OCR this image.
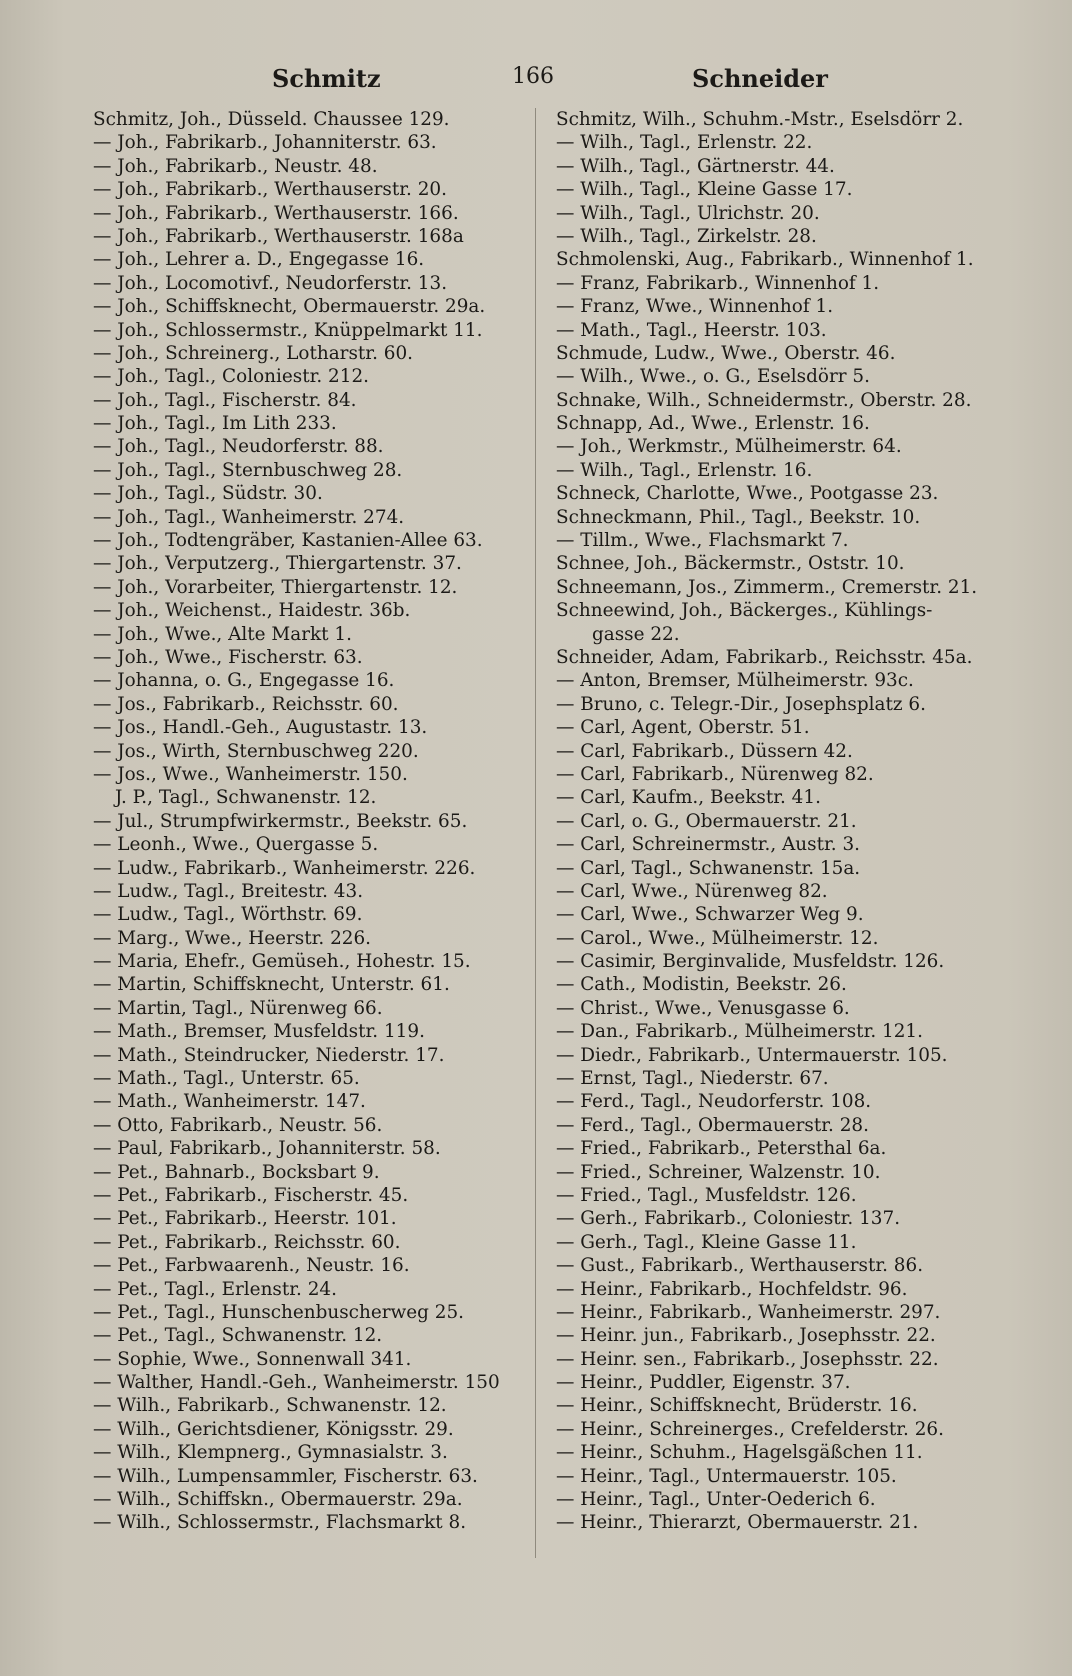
Schmitz	166	Schneider
Schmitz, Joh., Düsseld. Chaussee 129.
— Joh., Fabrikarb., Johanniterstr. 63.
— Joh., Fabrikarb., Neustr. 48.
— Joh., Fabrikarb., Werthauserstr. 20.
— Joh., Fabrikarb., Werthauserstr. 166.
— Joh., Fabrikarb., Werthauserstr. 168a
— Joh., Lehrer a. D., Engegasse 16.
— Joh., Locomotivf., Neudorferstr. 13.
— Joh., Schiffsknecht, Obermauerstr. 29a.
— Joh., Schlossermstr., Knüppelmarkt 11.
— Joh., Schreinerg., Lotharstr. 60.
— Joh., Tagl., Coloniestr. 212.
— Joh., Tagl., Fischerstr. 84.
— Joh., Tagl., Im Lith 233.
— Joh., Tagl., Neudorferstr. 88.
— Joh., Tagl., Sternbuschweg 28.
— Joh., Tagl., Südstr. 30.
— Joh., Tagl., Wanheimerstr. 274.
— Joh., Todtengräber, Kastanien-Allee 63.
— Joh., Verputzerg., Thiergartenstr. 37.
— Joh., Vorarbeiter, Thiergartenstr. 12.
— Joh., Weichenst., Haidestr. 36b.
— Joh., Wwe., Alte Markt 1.
— Joh., Wwe., Fischerstr. 63.
— Johanna, o. G., Engegasse 16.
— Jos., Fabrikarb., Reichsstr. 60.
— Jos., Handl.-Geh., Augustastr. 13.
— Jos., Wirth, Sternbuschweg 220.
— Jos., Wwe., Wanheimerstr. 150.
J. P., Tagl., Schwanenstr. 12.
— Jul., Strumpfwirkermstr., Beekstr. 65.
— Leonh., Wwe., Quergasse 5.
— Ludw., Fabrikarb., Wanheimerstr. 226.
— Ludw., Tagl., Breitestr. 43.
— Ludw., Tagl., Wörthstr. 69.
— Marg., Wwe., Heerstr. 226.
— Maria, Ehefr., Gemüseh., Hohestr. 15.
— Martin, Schiffsknecht, Unterstr. 61.
— Martin, Tagl., Nürenweg 66.
— Math., Bremser, Musfeldstr. 119.
— Math., Steindrucker, Niederstr. 17.
— Math., Tagl., Unterstr. 65.
— Math., Wanheimerstr. 147.
— Otto, Fabrikarb., Neustr. 56.
— Paul, Fabrikarb., Johanniterstr. 58.
— Pet., Bahnarb., Bocksbart 9.
— Pet., Fabrikarb., Fischerstr. 45.
— Pet., Fabrikarb., Heerstr. 101.
— Pet., Fabrikarb., Reichsstr. 60.
— Pet., Farbwaarenh., Neustr. 16.
— Pet., Tagl., Erlenstr. 24.
— Pet., Tagl., Hunschenbuscherweg 25.
— Pet., Tagl., Schwanenstr. 12.
— Sophie, Wwe., Sonnenwall 341.
— Walther, Handl.-Geh., Wanheimerstr. 150
— Wilh., Fabrikarb., Schwanenstr. 12.
— Wilh., Gerichtsdiener, Königsstr. 29.
— Wilh., Klempnerg., Gymnasialstr. 3.
— Wilh., Lumpensammler, Fischerstr. 63.
— Wilh., Schiffskn., Obermauerstr. 29a.
— Wilh., Schlossermstr., Flachsmarkt 8.
Schmitz, Wilh., Schuhm.-Mstr., Eselsdörr 2.
— Wilh., Tagl., Erlenstr. 22.
— Wilh., Tagl., Gärtnerstr. 44.
— Wilh., Tagl., Kleine Gasse 17.
— Wilh., Tagl., Ulrichstr. 20.
— Wilh., Tagl., Zirkelstr. 28.
Schmolenski, Aug., Fabrikarb., Winnenhof 1.
— Franz, Fabrikarb., Winnenhof 1.
— Franz, Wwe., Winnenhof 1.
— Math., Tagl., Heerstr. 103.
Schmude, Ludw., Wwe., Oberstr. 46.
— Wilh., Wwe., o. G., Eselsdörr 5.
Schnake, Wilh., Schneidermstr., Oberstr. 28.
Schnapp, Ad., Wwe., Erlenstr. 16.
— Joh., Werkmstr., Mülheimerstr. 64.
— Wilh., Tagl., Erlenstr. 16.
Schneck, Charlotte, Wwe., Pootgasse 23.
Schneckmann, Phil., Tagl., Beekstr. 10.
— Tillm., Wwe., Flachsmarkt 7.
Schnee, Joh., Bäckermstr., Oststr. 10.
Schneemann, Jos., Zimmerm., Cremerstr. 21.
Schneewind, Joh., Bäckerges., Kühlings-
gasse 22.
Schneider, Adam, Fabrikarb., Reichsstr. 45a.
— Anton, Bremser, Mülheimerstr. 93c.
— Bruno, c. Telegr.-Dir., Josephsplatz 6.
— Carl, Agent, Oberstr. 51.
— Carl, Fabrikarb., Düssern 42.
— Carl, Fabrikarb., Nürenweg 82.
— Carl, Kaufm., Beekstr. 41.
— Carl, o. G., Obermauerstr. 21.
— Carl, Schreinermstr., Austr. 3.
— Carl, Tagl., Schwanenstr. 15a.
— Carl, Wwe., Nürenweg 82.
— Carl, Wwe., Schwarzer Weg 9.
— Carol., Wwe., Mülheimerstr. 12.
— Casimir, Berginvalide, Musfeldstr. 126.
— Cath., Modistin, Beekstr. 26.
— Christ., Wwe., Venusgasse 6.
— Dan., Fabrikarb., Mülheimerstr. 121.
— Diedr., Fabrikarb., Untermauerstr. 105.
— Ernst, Tagl., Niederstr. 67.
— Ferd., Tagl., Neudorferstr. 108.
— Ferd., Tagl., Obermauerstr. 28.
— Fried., Fabrikarb., Petersthal 6a.
— Fried., Schreiner, Walzenstr. 10.
— Fried., Tagl., Musfeldstr. 126.
— Gerh., Fabrikarb., Coloniestr. 137.
— Gerh., Tagl., Kleine Gasse 11.
— Gust., Fabrikarb., Werthauserstr. 86.
— Heinr., Fabrikarb., Hochfeldstr. 96.
— Heinr., Fabrikarb., Wanheimerstr. 297.
— Heinr. jun., Fabrikarb., Josephsstr. 22.
— Heinr. sen., Fabrikarb., Josephsstr. 22.
— Heinr., Puddler, Eigenstr. 37.
— Heinr., Schiffsknecht, Brüderstr. 16.
— Heinr., Schreinerges., Crefelderstr. 26.
— Heinr., Schuhm., Hagelsgäßchen 11.
— Heinr., Tagl., Untermauerstr. 105.
— Heinr., Tagl., Unter-Oederich 6.
— Heinr., Thierarzt, Obermauerstr. 21.
